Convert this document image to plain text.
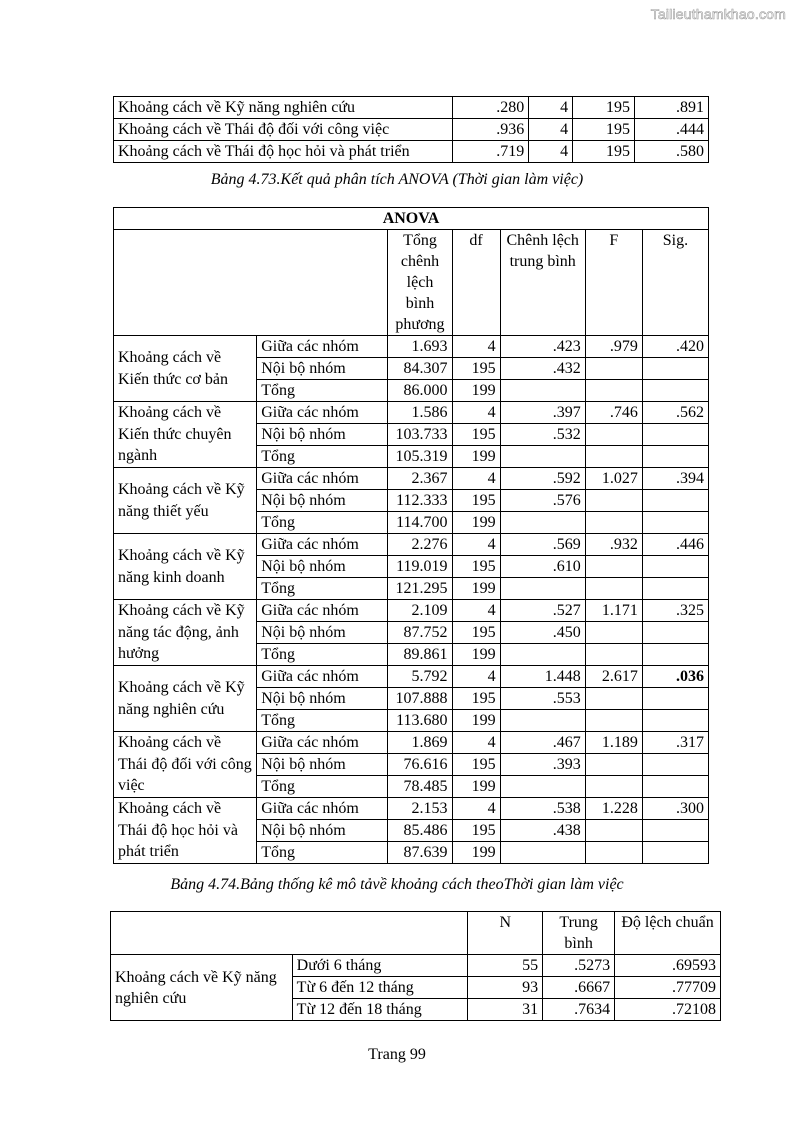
Tailieuthamkhao.com
Khoảng cách về Kỹ năng nghiên cứu	.280	4	195	.891
Khoảng cách về Thái độ đối với công việc	.936	4	195	.444
Khoảng cách về Thái độ học hỏi và phát triển	.719	4	195	.580
Bảng 4.73.Kết quả phân tích ANOVA (Thời gian làm việc)
ANOVA						
		Tổng chênh lệch bình phương	df	Chênh lệch trung bình	F	Sig.
Khoảng cách về Kiến thức cơ bản	Giữa các nhóm	1.693	4	.423	.979	.420
	Nội bộ nhóm	84.307	195	.432		
	Tổng	86.000	199			
Khoảng cách về Kiến thức chuyên ngành	Giữa các nhóm	1.586	4	.397	.746	.562
	Nội bộ nhóm	103.733	195	.532		
	Tổng	105.319	199			
Khoảng cách về Kỹ năng thiết yếu	Giữa các nhóm	2.367	4	.592	1.027	.394
	Nội bộ nhóm	112.333	195	.576		
	Tổng	114.700	199			
Khoảng cách về Kỹ năng kinh doanh	Giữa các nhóm	2.276	4	.569	.932	.446
	Nội bộ nhóm	119.019	195	.610		
	Tổng	121.295	199			
Khoảng cách về Kỹ năng tác động, ảnh hưởng	Giữa các nhóm	2.109	4	.527	1.171	.325
	Nội bộ nhóm	87.752	195	.450		
	Tổng	89.861	199			
Khoảng cách về Kỹ năng nghiên cứu	Giữa các nhóm	5.792	4	1.448	2.617	.036
	Nội bộ nhóm	107.888	195	.553		
	Tổng	113.680	199			
Khoảng cách về Thái độ đối với công việc	Giữa các nhóm	1.869	4	.467	1.189	.317
	Nội bộ nhóm	76.616	195	.393		
	Tổng	78.485	199			
Khoảng cách về Thái độ học hỏi và phát triển	Giữa các nhóm	2.153	4	.538	1.228	.300
	Nội bộ nhóm	85.486	195	.438		
	Tổng	87.639	199			
Bảng 4.74.Bảng thống kê mô tảvề khoảng cách theoThời gian làm việc
		N	Trung bình	Độ lệch chuẩn
Khoảng cách về Kỹ năng nghiên cứu	Dưới 6 tháng	55	.5273	.69593
	Từ 6 đến 12 tháng	93	.6667	.77709
	Từ 12 đến 18 tháng	31	.7634	.72108
Trang 99
